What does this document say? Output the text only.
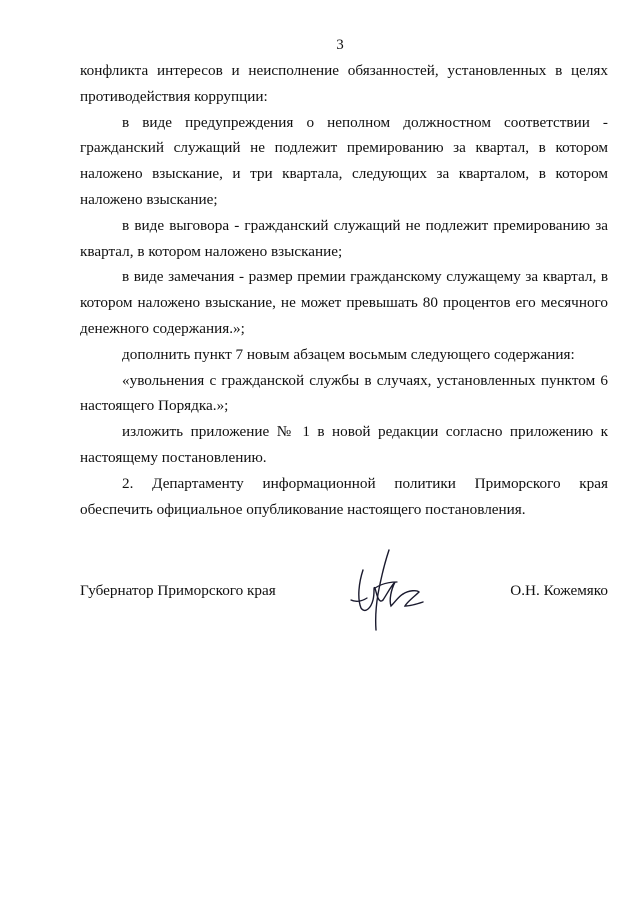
3

конфликта интересов и неисполнение обязанностей, установленных в целях противодействия коррупции:

в виде предупреждения о неполном должностном соответствии - гражданский служащий не подлежит премированию за квартал, в котором наложено взыскание, и три квартала, следующих за кварталом, в котором наложено взыскание;

в виде выговора - гражданский служащий не подлежит премированию за квартал, в котором наложено взыскание;

в виде замечания - размер премии гражданскому служащему за квартал, в котором наложено взыскание, не может превышать 80 процентов его месячного денежного содержания.»;

дополнить пункт 7 новым абзацем восьмым следующего содержания:

«увольнения с гражданской службы в случаях, установленных пунктом 6 настоящего Порядка.»;

изложить приложение № 1 в новой редакции согласно приложению к настоящему постановлению.

2. Департаменту информационной политики Приморского края обеспечить официальное опубликование настоящего постановления.

Губернатор Приморского края	О.Н. Кожемяко
